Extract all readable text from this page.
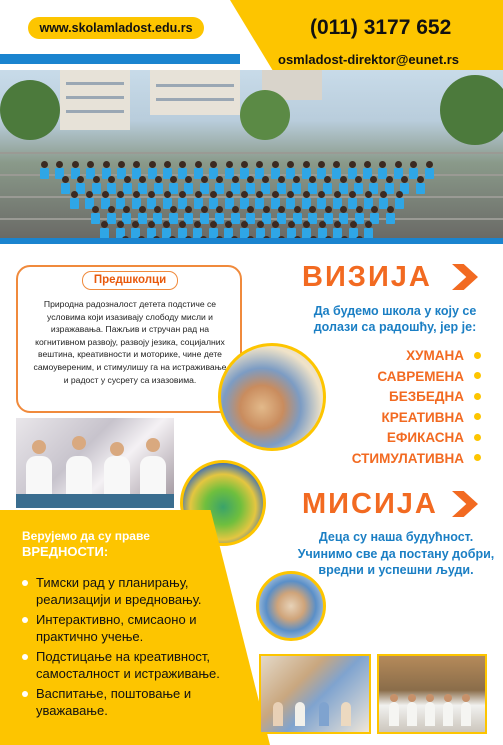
www.skolamladost.edu.rs	(011) 3177 652
osmladost-direktor@eunet.rs
Предшколци

Природна радозналост детета подстиче се условима који изазивају слободу мисли и изражавања. Пажљив и стручан рад на когнитивном развоју, развоју језика, социјалних вештина, креативности и моторике, чине дете самоувереним, и стимулишу га на истраживање и радост у сусрету са изазовима.

ВИЗИЈА

Да будемо школа у коју се долази са радошћу, јер је:

ХУМАНА
САВРЕМЕНА
БЕЗБЕДНА
КРЕАТИВНА
ЕФИКАСНА
СТИМУЛАТИВНА
МИСИЈА

Деца су наша будућност. Учинимо све да постану добри, вредни и успешни људи.

Верујемо да су праве
ВРЕДНОСТИ:
Тимски рад у планирању, реализацији и вредновању.
Интерактивно, смисаоно и практично учење.
Подстицање на креативност, самосталност и истраживање.
Васпитање, поштовање и уважавање.
